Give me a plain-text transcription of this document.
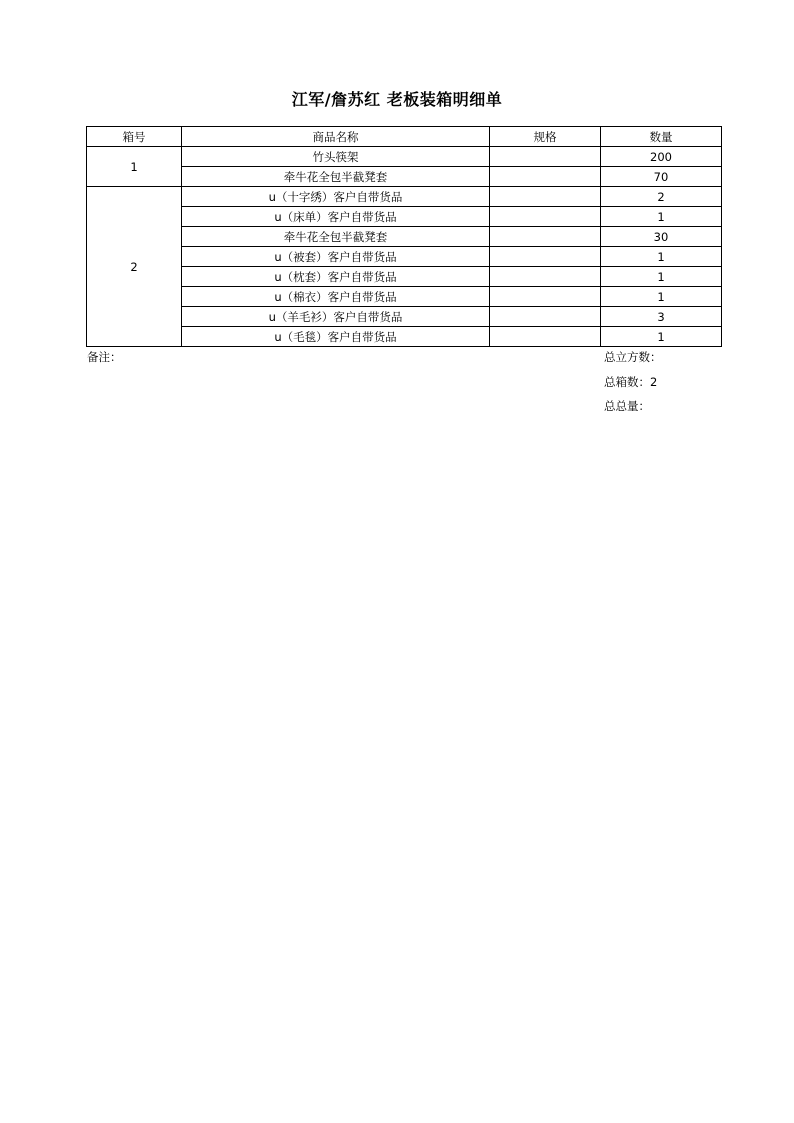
江军/詹苏红 老板装箱明细单
箱号	商品名称	规格	数量
1	竹头筷架		200
	牵牛花全包半截凳套		70
2	u（十字绣）客户自带货品		2
	u（床单）客户自带货品		1
	牵牛花全包半截凳套		30
	u（被套）客户自带货品		1
	u（枕套）客户自带货品		1
	u（棉衣）客户自带货品		1
	u（羊毛衫）客户自带货品		3
	u（毛毯）客户自带货品		1
备注：	总立方数：
总箱数：2
总总量：
